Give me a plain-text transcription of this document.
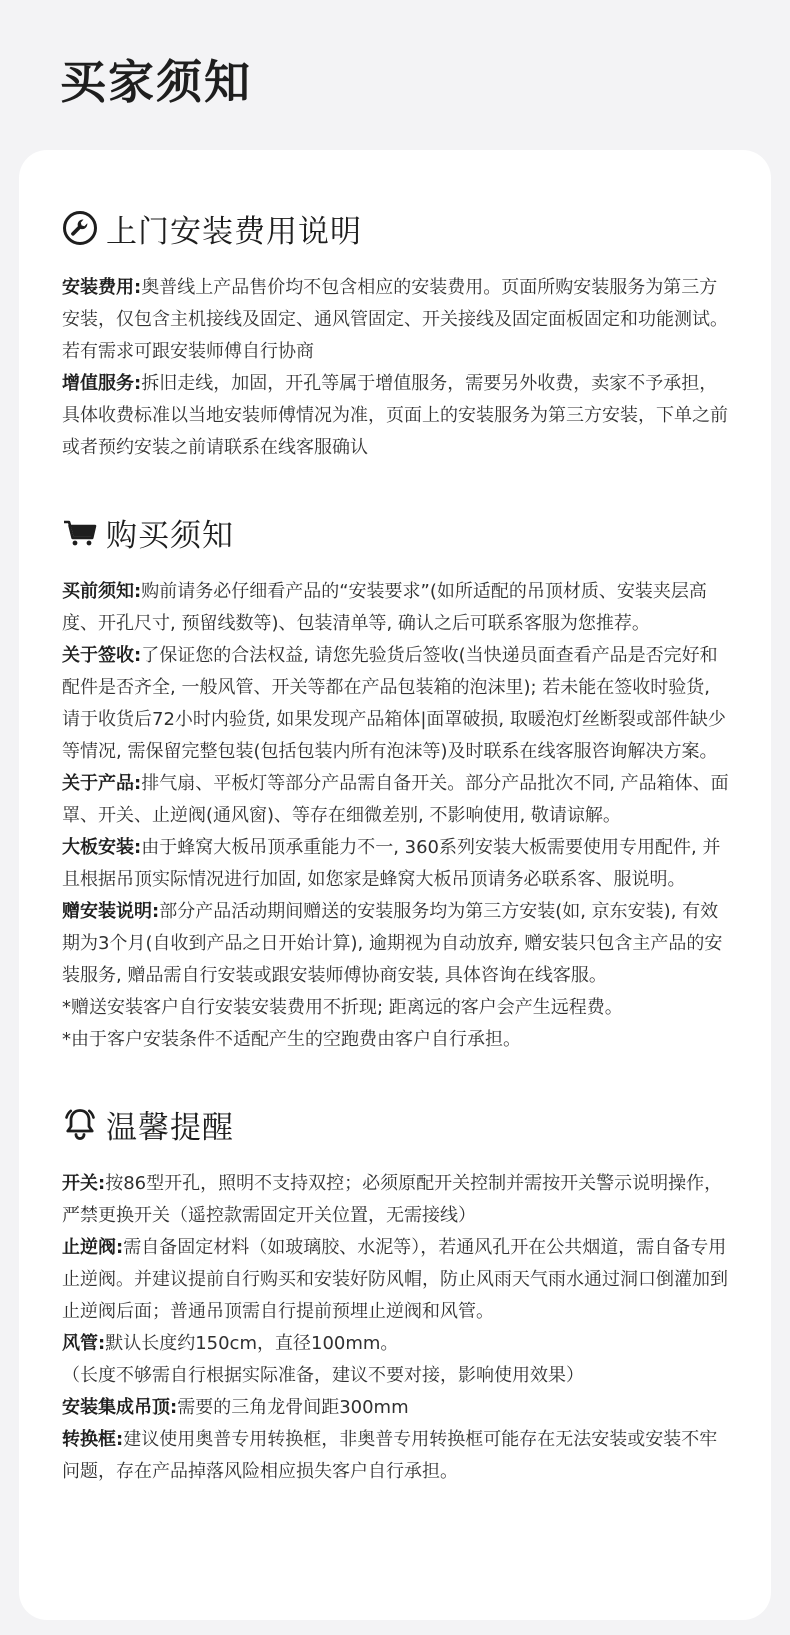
买家须知
上门安装费用说明

安装费用:奥普线上产品售价均不包含相应的安装费用。页面所购安装服务为第三方安装，仅包含主机接线及固定、通风管固定、开关接线及固定面板固定和功能测试。若有需求可跟安装师傅自行协商

增值服务:拆旧走线，加固，开孔等属于增值服务，需要另外收费，卖家不予承担，具体收费标准以当地安装师傅情况为准，页面上的安装服务为第三方安装，下单之前或者预约安装之前请联系在线客服确认

购买须知

买前须知:购前请务必仔细看产品的“安装要求”(如所适配的吊顶材质、安装夹层高度、开孔尺寸, 预留线数等)、包装清单等, 确认之后可联系客服为您推荐。

关于签收:了保证您的合法权益, 请您先验货后签收(当快递员面查看产品是否完好和配件是否齐全, 一般风管、开关等都在产品包装箱的泡沫里); 若未能在签收时验货, 请于收货后72小时内验货, 如果发现产品箱体|面罩破损, 取暖泡灯丝断裂或部件缺少等情况, 需保留完整包装(包括包装内所有泡沫等)及时联系在线客服咨询解决方案。

关于产品:排气扇、平板灯等部分产品需自备开关。部分产品批次不同, 产品箱体、面罩、开关、止逆阀(通风窗)、等存在细微差别, 不影响使用, 敬请谅解。

大板安装:由于蜂窝大板吊顶承重能力不一, 360系列安装大板需要使用专用配件, 并且根据吊顶实际情况进行加固, 如您家是蜂窝大板吊顶请务必联系客、服说明。

赠安装说明:部分产品活动期间赠送的安装服务均为第三方安装(如, 京东安装), 有效期为3个月(自收到产品之日开始计算), 逾期视为自动放弃, 赠安装只包含主产品的安装服务, 赠品需自行安装或跟安装师傅协商安装, 具体咨询在线客服。

*赠送安装客户自行安装安装费用不折现; 距离远的客户会产生远程费。

*由于客户安装条件不适配产生的空跑费由客户自行承担。

温馨提醒

开关:按86型开孔，照明不支持双控；必须原配开关控制并需按开关警示说明操作，严禁更换开关（遥控款需固定开关位置，无需接线）

止逆阀:需自备固定材料（如玻璃胶、水泥等），若通风孔开在公共烟道，需自备专用止逆阀。并建议提前自行购买和安装好防风帽，防止风雨天气雨水通过洞口倒灌加到止逆阀后面；普通吊顶需自行提前预埋止逆阀和风管。

风管:默认长度约150cm，直径100mm。

（长度不够需自行根据实际准备，建议不要对接，影响使用效果）

安装集成吊顶:需要的三角龙骨间距300mm

转换框:建议使用奥普专用转换框，非奥普专用转换框可能存在无法安装或安装不牢问题，存在产品掉落风险相应损失客户自行承担。
